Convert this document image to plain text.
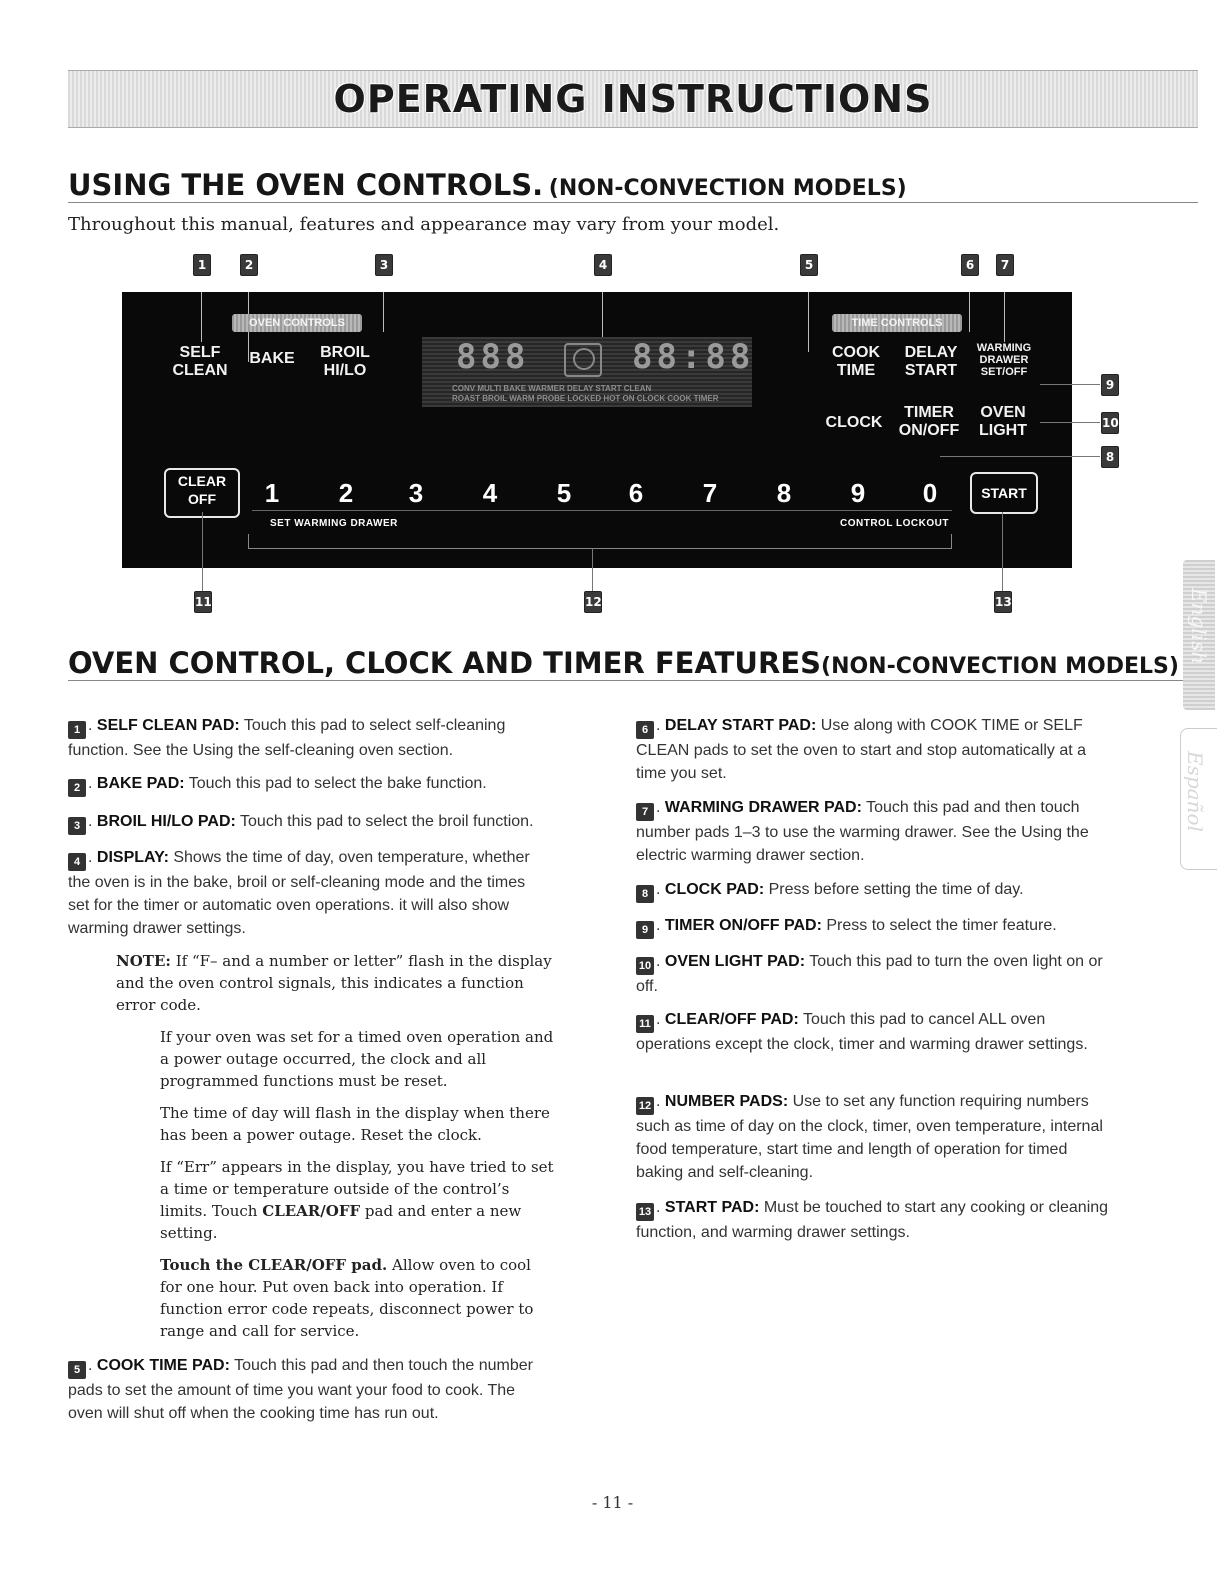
OPERATING INSTRUCTIONS
USING THE OVEN CONTROLS. (NON-CONVECTION MODELS)
Throughout this manual, features and appearance may vary from your model.
1	2	3	4	5	6	7
OVEN CONTROLS	TIME CONTROLS
SELF
CLEAN
BAKE	BROIL
HI/LO	888	88:88
CONV MULTI BAKE WARMER DELAY START CLEAN
ROAST BROIL WARM PROBE LOCKED HOT ON CLOCK COOK TIMER
COOK
TIME
DELAY
START
WARMING
DRAWER
SET/OFF
CLOCK
TIMER
ON/OFF
OVEN
LIGHT
CLEAR
OFF	1	2	3	4	5	6	7	8	9	0
SET WARMING DRAWER	CONTROL LOCKOUT
START
9
10
8
11	12	13
OVEN CONTROL, CLOCK AND TIMER FEATURES(NON-CONVECTION MODELS)
1 . SELF CLEAN PAD: Touch this pad to select self-cleaning function. See the Using the self-cleaning oven section.
2 . BAKE PAD: Touch this pad to select the bake function.
3 . BROIL HI/LO PAD: Touch this pad to select the broil function.
4 . DISPLAY: Shows the time of day, oven temperature, whether the oven is in the bake, broil or self-cleaning mode and the times set for the timer or automatic oven operations. it will also show warming drawer settings.
NOTE: If “F– and a number or letter” flash in the display and the oven control signals, this indicates a function error code.
If your oven was set for a timed oven operation and a power outage occurred, the clock and all programmed functions must be reset.
The time of day will flash in the display when there has been a power outage. Reset the clock.
If “Err” appears in the display, you have tried to set a time or temperature outside of the control’s limits. Touch CLEAR/OFF pad and enter a new setting.
Touch the CLEAR/OFF pad. Allow oven to cool for one hour. Put oven back into operation. If function error code repeats, disconnect power to range and call for service.
5 . COOK TIME PAD: Touch this pad and then touch the number pads to set the amount of time you want your food to cook. The oven will shut off when the cooking time has run out.
6 . DELAY START PAD: Use along with COOK TIME or SELF CLEAN pads to set the oven to start and stop automatically at a time you set.
7 . WARMING DRAWER PAD: Touch this pad and then touch number pads 1–3 to use the warming drawer. See the Using the electric warming drawer section.
8 . CLOCK PAD: Press before setting the time of day.
9 . TIMER ON/OFF PAD: Press to select the timer feature.
10 . OVEN LIGHT PAD: Touch this pad to turn the oven light on or off.
11 . CLEAR/OFF PAD: Touch this pad to cancel ALL oven operations except the clock, timer and warming drawer settings.
12 . NUMBER PADS: Use to set any function requiring numbers such as time of day on the clock, timer, oven temperature, internal food temperature, start time and length of operation for timed baking and self-cleaning.
13 . START PAD: Must be touched to start any cooking or cleaning function, and warming drawer settings.
English
Español
- 11 -
